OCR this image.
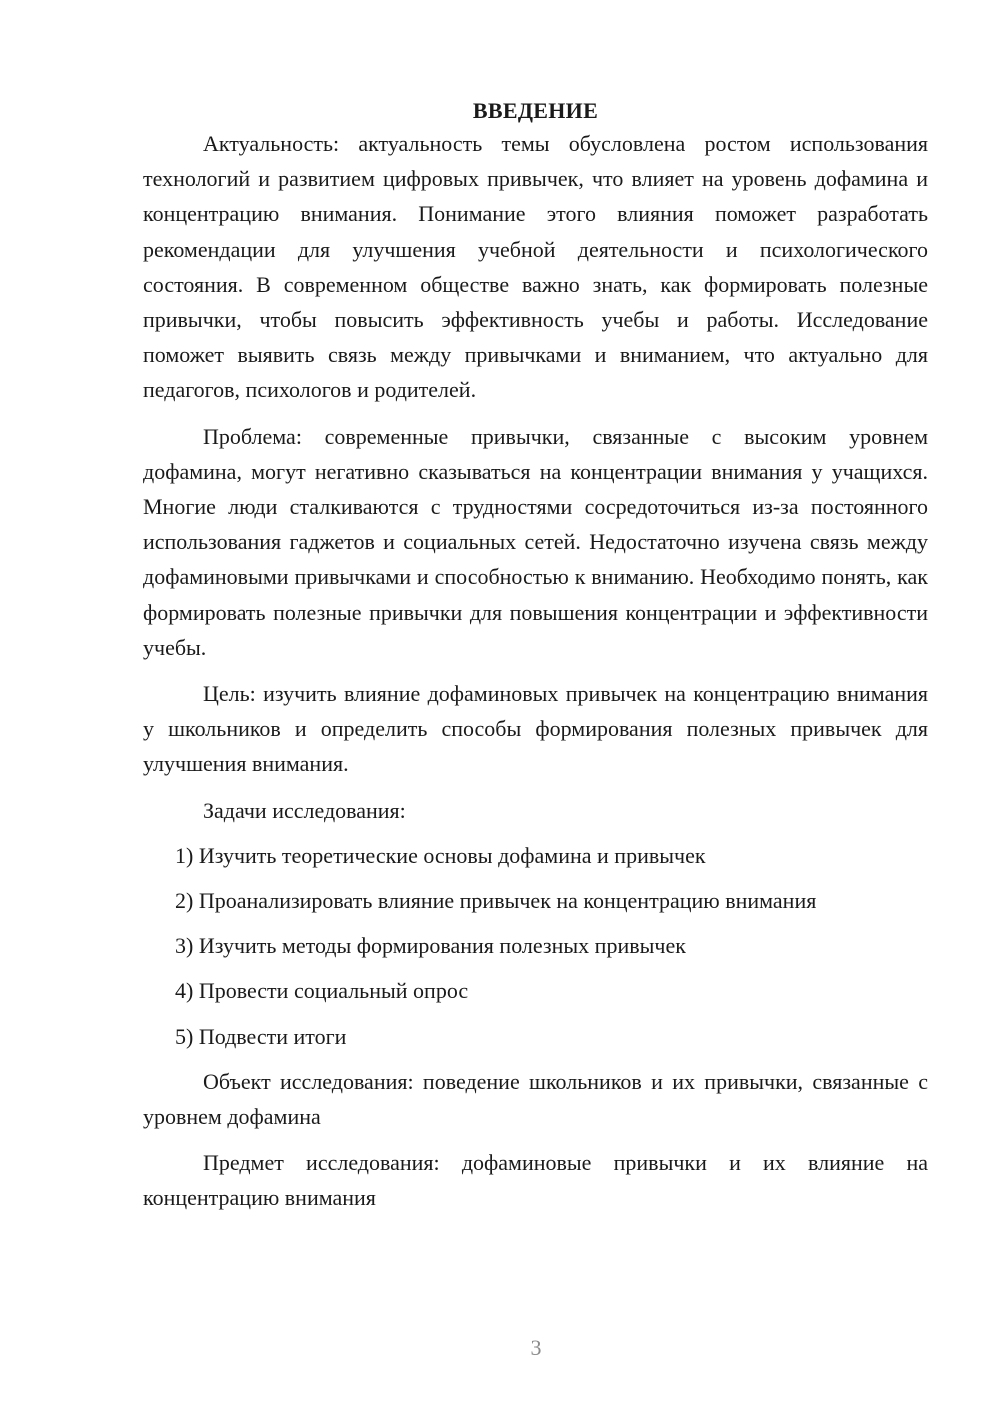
ВВЕДЕНИЕ

Актуальность: актуальность темы обусловлена ростом использования технологий и развитием цифровых привычек, что влияет на уровень дофамина и концентрацию внимания. Понимание этого влияния поможет разработать рекомендации для улучшения учебной деятельности и психологического состояния. В современном обществе важно знать, как формировать полезные привычки, чтобы повысить эффективность учебы и работы. Исследование поможет выявить связь между привычками и вниманием, что актуально для педагогов, психологов и родителей.

Проблема: современные привычки, связанные с высоким уровнем дофамина, могут негативно сказываться на концентрации внимания у учащихся. Многие люди сталкиваются с трудностями сосредоточиться из-за постоянного использования гаджетов и социальных сетей. Недостаточно изучена связь между дофаминовыми привычками и способностью к вниманию. Необходимо понять, как формировать полезные привычки для повышения концентрации и эффективности учебы.

Цель: изучить влияние дофаминовых привычек на концентрацию внимания у школьников и определить способы формирования полезных привычек для улучшения внимания.

Задачи исследования:

1) Изучить теоретические основы дофамина и привычек
2) Проанализировать влияние привычек на концентрацию внимания
3) Изучить методы формирования полезных привычек
4) Провести социальный опрос
5) Подвести итоги

Объект исследования: поведение школьников и их привычки, связанные с уровнем дофамина

Предмет исследования: дофаминовые привычки и их влияние на концентрацию внимания

3
